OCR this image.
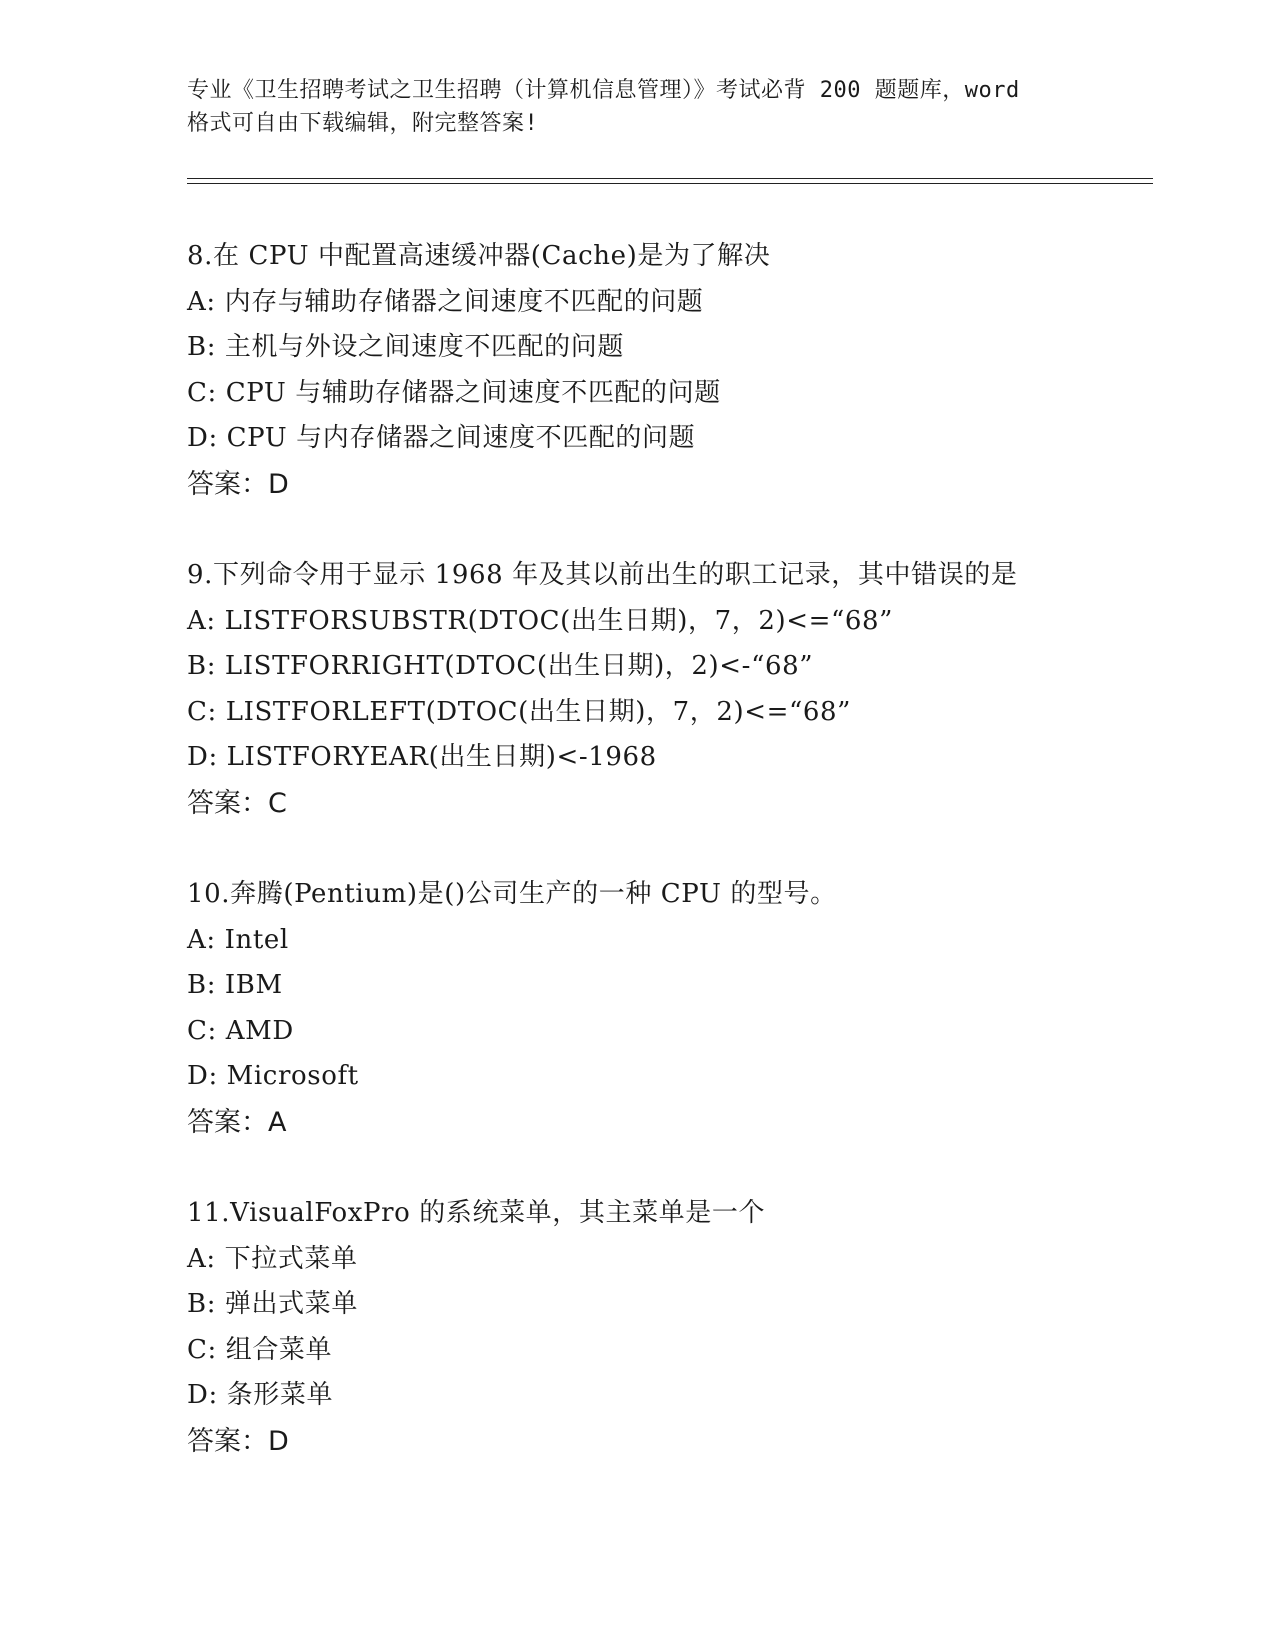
专业《卫生招聘考试之卫生招聘（计算机信息管理）》考试必背 200 题题库，word
格式可自由下载编辑，附完整答案!
8.在 CPU 中配置高速缓冲器(Cache)是为了解决
A: 内存与辅助存储器之间速度不匹配的问题
B: 主机与外设之间速度不匹配的问题
C: CPU 与辅助存储器之间速度不匹配的问题
D: CPU 与内存储器之间速度不匹配的问题
答案：D
9.下列命令用于显示 1968 年及其以前出生的职工记录，其中错误的是
A: LISTFORSUBSTR(DTOC(出生日期)，7，2)<=“68”
B: LISTFORRIGHT(DTOC(出生日期)，2)<-“68”
C: LISTFORLEFT(DTOC(出生日期)，7，2)<=“68”
D: LISTFORYEAR(出生日期)<-1968
答案：C
10.奔腾(Pentium)是()公司生产的一种 CPU 的型号。
A: Intel
B: IBM
C: AMD
D: Microsoft
答案：A
11.VisualFoxPro 的系统菜单，其主菜单是一个
A: 下拉式菜单
B: 弹出式菜单
C: 组合菜单
D: 条形菜单
答案：D
